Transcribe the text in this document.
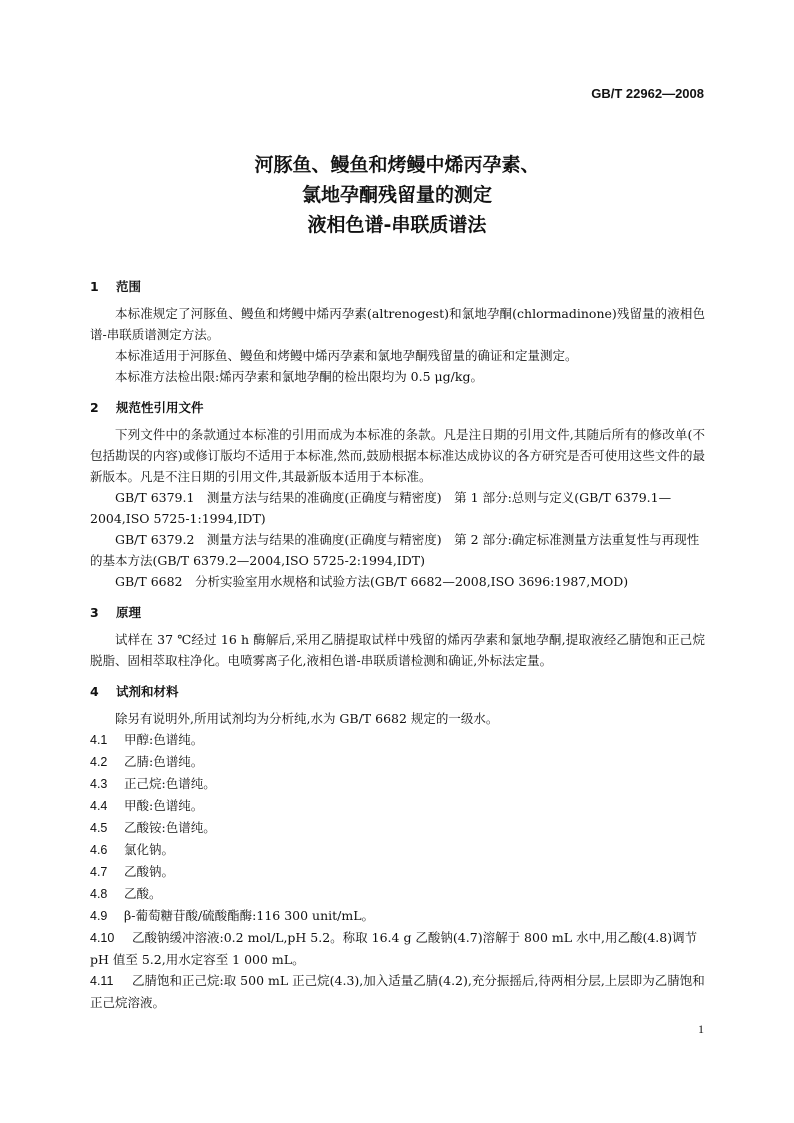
GB/T 22962—2008
河豚鱼、鳗鱼和烤鳗中烯丙孕素、
氯地孕酮残留量的测定
液相色谱-串联质谱法
1 范围

本标准规定了河豚鱼、鳗鱼和烤鳗中烯丙孕素(altrenogest)和氯地孕酮(chlormadinone)残留量的液相色谱-串联质谱测定方法。

本标准适用于河豚鱼、鳗鱼和烤鳗中烯丙孕素和氯地孕酮残留量的确证和定量测定。

本标准方法检出限:烯丙孕素和氯地孕酮的检出限均为 0.5 μg/kg。

2 规范性引用文件

下列文件中的条款通过本标准的引用而成为本标准的条款。凡是注日期的引用文件,其随后所有的修改单(不包括勘误的内容)或修订版均不适用于本标准,然而,鼓励根据本标准达成协议的各方研究是否可使用这些文件的最新版本。凡是不注日期的引用文件,其最新版本适用于本标准。

GB/T 6379.1　测量方法与结果的准确度(正确度与精密度)　第 1 部分:总则与定义(GB/T 6379.1—2004,ISO 5725-1:1994,IDT)

GB/T 6379.2　测量方法与结果的准确度(正确度与精密度)　第 2 部分:确定标准测量方法重复性与再现性的基本方法(GB/T 6379.2—2004,ISO 5725-2:1994,IDT)

GB/T 6682　分析实验室用水规格和试验方法(GB/T 6682—2008,ISO 3696:1987,MOD)

3 原理

试样在 37 ℃经过 16 h 酶解后,采用乙腈提取试样中残留的烯丙孕素和氯地孕酮,提取液经乙腈饱和正己烷脱脂、固相萃取柱净化。电喷雾离子化,液相色谱-串联质谱检测和确证,外标法定量。

4 试剂和材料

除另有说明外,所用试剂均为分析纯,水为 GB/T 6682 规定的一级水。

4.1 甲醇:色谱纯。
4.2 乙腈:色谱纯。
4.3 正己烷:色谱纯。
4.4 甲酸:色谱纯。
4.5 乙酸铵:色谱纯。
4.6 氯化钠。
4.7 乙酸钠。
4.8 乙酸。
4.9 β-葡萄糖苷酸/硫酸酯酶:116 300 unit/mL。
4.10 乙酸钠缓冲溶液:0.2 mol/L,pH 5.2。称取 16.4 g 乙酸钠(4.7)溶解于 800 mL 水中,用乙酸(4.8)调节 pH 值至 5.2,用水定容至 1 000 mL。
4.11 乙腈饱和正己烷:取 500 mL 正己烷(4.3),加入适量乙腈(4.2),充分振摇后,待两相分层,上层即为乙腈饱和正己烷溶液。
1
